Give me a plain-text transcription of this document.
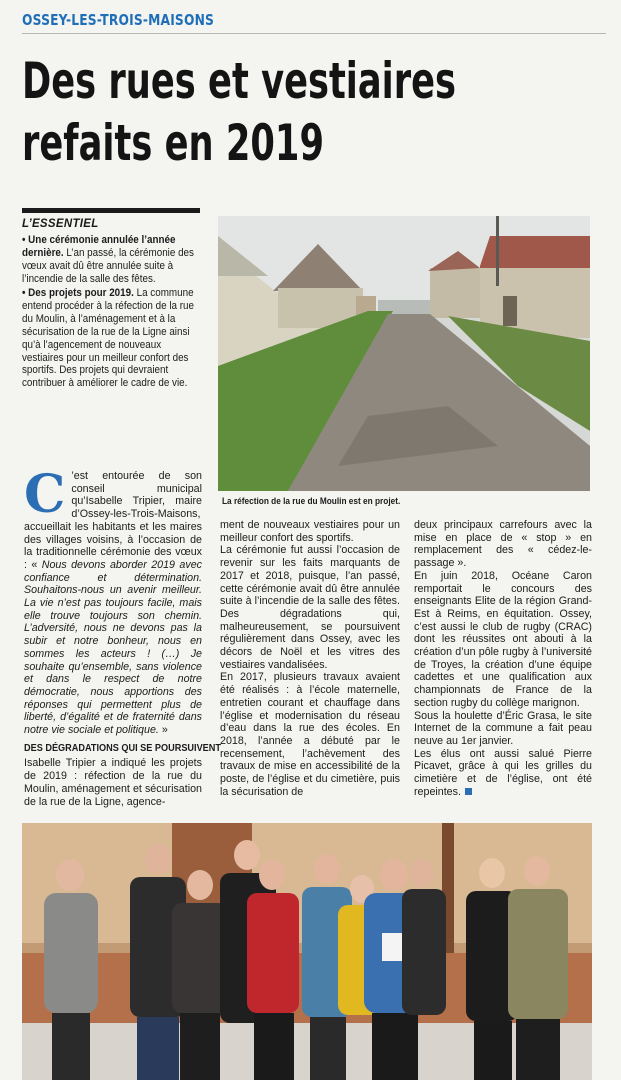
OSSEY-LES-TROIS-MAISONS
Des rues et vestiaires
refaits en 2019
L’ESSENTIEL
• Une cérémonie annulée l’année dernière. L’an passé, la cérémonie des vœux avait dû être annulée suite à l’incendie de la salle des fêtes.
• Des projets pour 2019. La commune entend procéder à la réfection de la rue du Moulin, à l’aménagement et à la sécurisation de la rue de la Ligne ainsi qu’à l’agencement de nouveaux vestiaires pour un meilleur confort des sportifs. Des projets qui devraient contribuer à améliorer le cadre de vie.
La réfection de la rue du Moulin est en projet.

C ’est entourée de son conseil municipal qu’Isabelle Tripier, maire d’Ossey-les-Trois-Maisons, accueillait les habitants et les maires des villages voisins, à l’occasion de la traditionnelle cérémonie des vœux : « Nous devons aborder 2019 avec confiance et détermination. Souhaitons-nous un avenir meilleur. La vie n’est pas toujours facile, mais elle trouve toujours son chemin. L’adversité, nous ne devons pas la subir et notre bonheur, nous en sommes les acteurs ! (…) Je souhaite qu’ensemble, sans violence et dans le respect de notre démocratie, nous apportions des réponses qui permettent plus de liberté, d’égalité et de fraternité dans notre vie sociale et politique. »

DES DÉGRADATIONS QUI SE POURSUIVENT

Isabelle Tripier a indiqué les projets de 2019 : réfection de la rue du Moulin, aménagement et sécurisation de la rue de la Ligne, agence-

ment de nouveaux vestiaires pour un meilleur confort des sportifs.

La cérémonie fut aussi l’occasion de revenir sur les faits marquants de 2017 et 2018, puisque, l’an passé, cette cérémonie avait dû être annulée suite à l’incendie de la salle des fêtes. Des dégradations qui, malheureusement, se poursuivent régulièrement dans Ossey, avec les décors de Noël et les vitres des vestiaires vandalisées.

En 2017, plusieurs travaux avaient été réalisés : à l’école maternelle, entretien courant et chauffage dans l’église et modernisation du réseau d’eau dans la rue des écoles. En 2018, l’année a débuté par le recensement, l’achèvement des travaux de mise en accessibilité de la poste, de l’église et du cimetière, puis la sécurisation de

deux principaux carrefours avec la mise en place de « stop » en remplacement des « cédez-le-passage ».

En juin 2018, Océane Caron remportait le concours des enseignants Elite de la région Grand-Est à Reims, en équitation. Ossey, c’est aussi le club de rugby (CRAC) dont les réussites ont abouti à la création d’un pôle rugby à l’université de Troyes, la création d’une équipe cadettes et une qualification aux championnats de France de la section rugby du collège marignon.

Sous la houlette d’Éric Grasa, le site Internet de la commune a fait peau neuve au 1er janvier.

Les élus ont aussi salué Pierre Picavet, grâce à qui les grilles du cimetière et de l’église, ont été repeintes.
